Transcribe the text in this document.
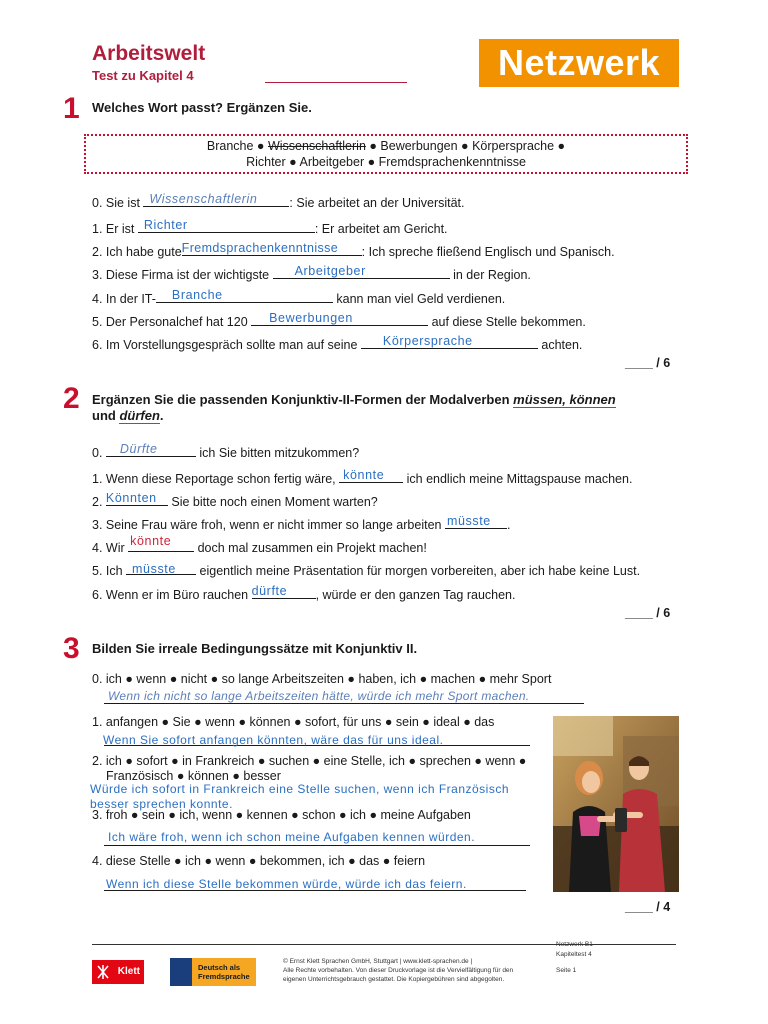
Arbeitswelt
Test zu Kapitel 4	Netzwerk
1 Welches Wort passt? Ergänzen Sie.
Branche ● Wissenschaftlerin ● Bewerbungen ● Körpersprache ●
Richter ● Arbeitgeber ● Fremdsprachenkenntnisse
0. Sie ist Wissenschaftlerin	: Sie arbeitet an der Universität.
1. Er ist Richter	: Er arbeitet am Gericht.
2. Ich habe gute Fremdsprachenkenntnisse : Ich spreche fließend Englisch und Spanisch.
3. Diese Firma ist der wichtigste Arbeitgeber	in der Region.
4. In der IT- Branche	kann man viel Geld verdienen.
5. Der Personalchef hat 120 Bewerbungen	auf diese Stelle bekommen.
6. Im Vorstellungsgespräch sollte man auf seine Körpersprache	achten.
____ / 6
2 Ergänzen Sie die passenden Konjunktiv-II-Formen der Modalverben müssen, können
und dürfen.
0. Dürfte	ich Sie bitten mitzukommen?
1. Wenn diese Reportage schon fertig wäre, könnte ich endlich meine Mittagspause machen.
2. Könnten Sie bitte noch einen Moment warten?
3. Seine Frau wäre froh, wenn er nicht immer so lange arbeiten müsste .
4. Wir könnte doch mal zusammen ein Projekt machen!
5. Ich müsste eigentlich meine Präsentation für morgen vorbereiten, aber ich habe keine Lust.
6. Wenn er im Büro rauchen dürfte , würde er den ganzen Tag rauchen.
____ / 6
3 Bilden Sie irreale Bedingungssätze mit Konjunktiv II.
0. ich ● wenn ● nicht ● so lange Arbeitszeiten ● haben, ich ● machen ● mehr Sport
Wenn ich nicht so lange Arbeitszeiten hätte, würde ich mehr Sport machen.
1. anfangen ● Sie ● wenn ● können ● sofort, für uns ● sein ● ideal ● das
Wenn Sie sofort anfangen könnten, wäre das für uns ideal.
2. ich ● sofort ● in Frankreich ● suchen ● eine Stelle, ich ● sprechen ● wenn ●
Französisch ● können ● besser
Würde ich sofort in Frankreich eine Stelle suchen, wenn ich Französisch
besser sprechen konnte.
3. froh ● sein ● ich, wenn ● kennen ● schon ● ich ● meine Aufgaben
Ich wäre froh, wenn ich schon meine Aufgaben kennen würden.
4. diese Stelle ● ich ● wenn ● bekommen, ich ● das ● feiern
Wenn ich diese Stelle bekommen würde, würde ich das feiern.
____ / 4
Netzwerk B1
Kapiteltest 4
Seite 1
Klett	Deutsch als Fremdsprache
© Ernst Klett Sprachen GmbH, Stuttgart | www.klett-sprachen.de |
Alle Rechte vorbehalten. Von dieser Druckvorlage ist die Vervielfältigung für den
eigenen Unterrichtsgebrauch gestattet. Die Kopiergebühren sind abgegolten.
